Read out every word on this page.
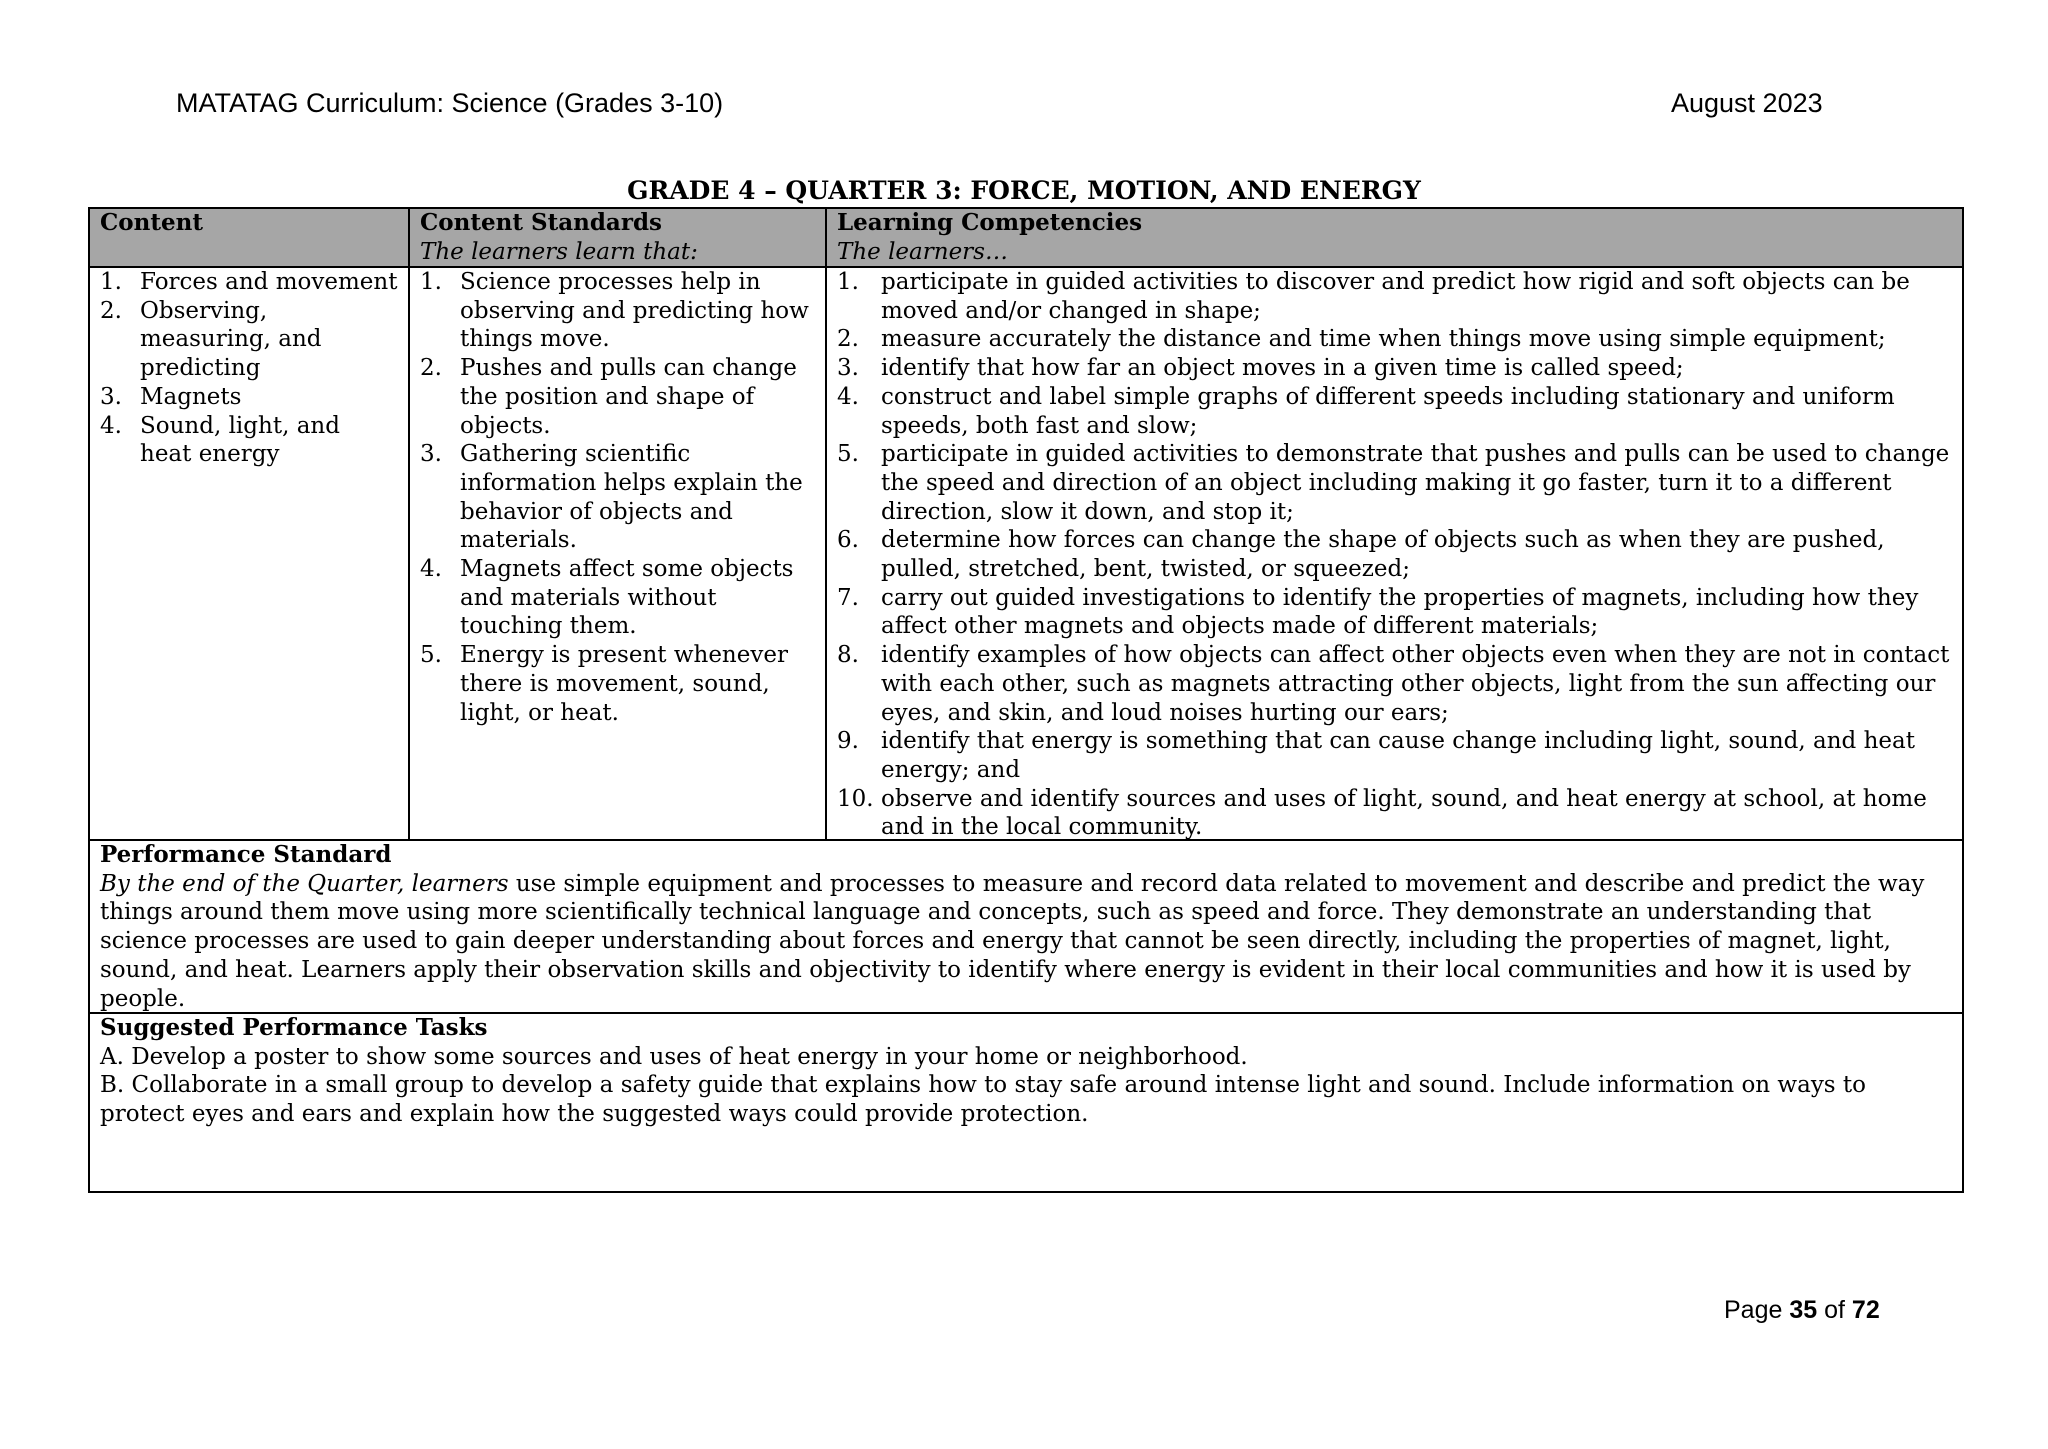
MATATAG Curriculum: Science (Grades 3-10)	August 2023
GRADE 4 – QUARTER 3: FORCE, MOTION, AND ENERGY
Content	Content Standards
The learners learn that:
Learning Competencies
The learners…
1. Forces and movement
2. Observing, measuring, and predicting
3. Magnets
4. Sound, light, and heat energy
1. Science processes help in observing and predicting how things move.
2. Pushes and pulls can change the position and shape of objects.
3. Gathering scientific information helps explain the behavior of objects and materials.
4. Magnets affect some objects and materials without touching them.
5. Energy is present whenever there is movement, sound, light, or heat.
1. participate in guided activities to discover and predict how rigid and soft objects can be moved and/or changed in shape;
2. measure accurately the distance and time when things move using simple equipment;
3. identify that how far an object moves in a given time is called speed;
4. construct and label simple graphs of different speeds including stationary and uniform speeds, both fast and slow;
5. participate in guided activities to demonstrate that pushes and pulls can be used to change the speed and direction of an object including making it go faster, turn it to a different direction, slow it down, and stop it;
6. determine how forces can change the shape of objects such as when they are pushed, pulled, stretched, bent, twisted, or squeezed;
7. carry out guided investigations to identify the properties of magnets, including how they affect other magnets and objects made of different materials;
8. identify examples of how objects can affect other objects even when they are not in contact with each other, such as magnets attracting other objects, light from the sun affecting our eyes, and skin, and loud noises hurting our ears;
9. identify that energy is something that can cause change including light, sound, and heat energy; and
10. observe and identify sources and uses of light, sound, and heat energy at school, at home and in the local community.
Performance Standard
By the end of the Quarter, learners use simple equipment and processes to measure and record data related to movement and describe and predict the way things around them move using more scientifically technical language and concepts, such as speed and force. They demonstrate an understanding that science processes are used to gain deeper understanding about forces and energy that cannot be seen directly, including the properties of magnet, light, sound, and heat. Learners apply their observation skills and objectivity to identify where energy is evident in their local communities and how it is used by people.
Suggested Performance Tasks
A. Develop a poster to show some sources and uses of heat energy in your home or neighborhood.
B. Collaborate in a small group to develop a safety guide that explains how to stay safe around intense light and sound. Include information on ways to protect eyes and ears and explain how the suggested ways could provide protection.
Page 35 of 72
